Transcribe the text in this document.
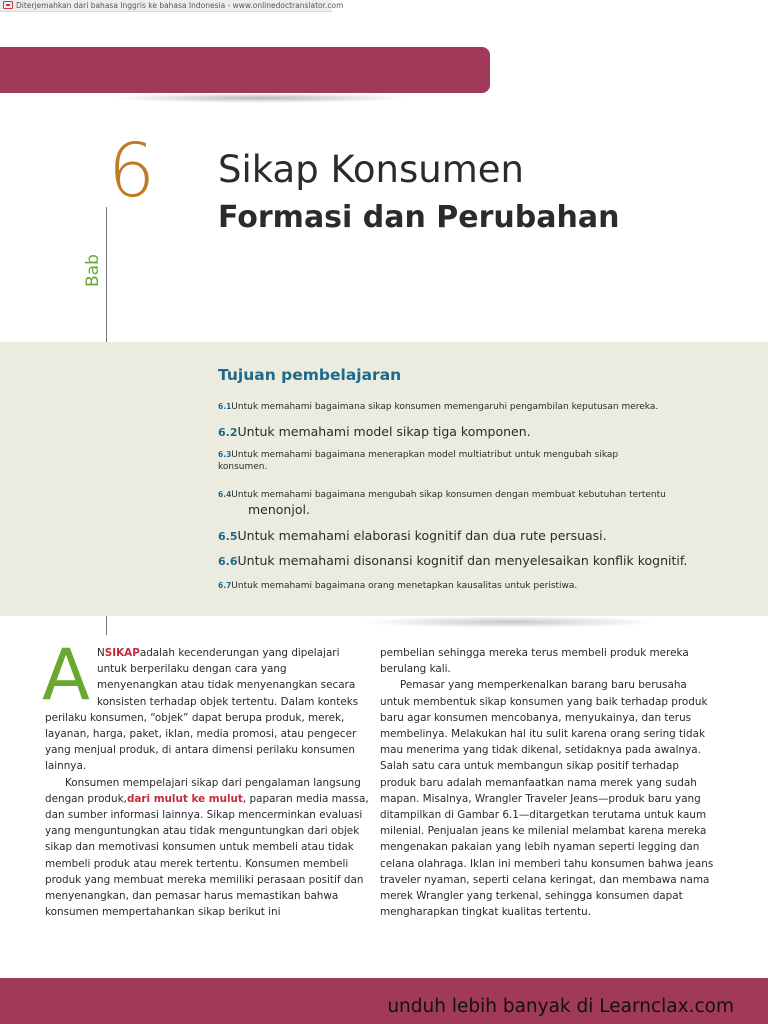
Diterjemahkan dari bahasa Inggris ke bahasa Indonesia - www.onlinedoctranslator.com
6
Bab
Sikap Konsumen
Formasi dan Perubahan
Tujuan pembelajaran
6.1Untuk memahami bagaimana sikap konsumen memengaruhi pengambilan keputusan mereka.
6.2Untuk memahami model sikap tiga komponen.
6.3Untuk memahami bagaimana menerapkan model multiatribut untuk mengubah sikap
konsumen.
6.4Untuk memahami bagaimana mengubah sikap konsumen dengan membuat kebutuhan tertentu
menonjol.
6.5Untuk memahami elaborasi kognitif dan dua rute persuasi.
6.6Untuk memahami disonansi kognitif dan menyelesaikan konflik kognitif.
6.7Untuk memahami bagaimana orang menetapkan kausalitas untuk peristiwa.
A NSIKAPadalah kecenderungan yang dipelajari
untuk berperilaku dengan cara yang
menyenangkan atau tidak menyenangkan secara
konsisten terhadap objek tertentu. Dalam konteks
perilaku konsumen, “objek” dapat berupa produk, merek,
layanan, harga, paket, iklan, media promosi, atau pengecer
yang menjual produk, di antara dimensi perilaku konsumen
lainnya.
Konsumen mempelajari sikap dari pengalaman langsung
dengan produk,dari mulut ke mulut, paparan media massa,
dan sumber informasi lainnya. Sikap mencerminkan evaluasi
yang menguntungkan atau tidak menguntungkan dari objek
sikap dan memotivasi konsumen untuk membeli atau tidak
membeli produk atau merek tertentu. Konsumen membeli
produk yang membuat mereka memiliki perasaan positif dan
menyenangkan, dan pemasar harus memastikan bahwa
konsumen mempertahankan sikap berikut ini
pembelian sehingga mereka terus membeli produk mereka
berulang kali.
Pemasar yang memperkenalkan barang baru berusaha
untuk membentuk sikap konsumen yang baik terhadap produk
baru agar konsumen mencobanya, menyukainya, dan terus
membelinya. Melakukan hal itu sulit karena orang sering tidak
mau menerima yang tidak dikenal, setidaknya pada awalnya.
Salah satu cara untuk membangun sikap positif terhadap
produk baru adalah memanfaatkan nama merek yang sudah
mapan. Misalnya, Wrangler Traveler Jeans—produk baru yang
ditampilkan di Gambar 6.1—ditargetkan terutama untuk kaum
milenial. Penjualan jeans ke milenial melambat karena mereka
mengenakan pakaian yang lebih nyaman seperti legging dan
celana olahraga. Iklan ini memberi tahu konsumen bahwa jeans
traveler nyaman, seperti celana keringat, dan membawa nama
merek Wrangler yang terkenal, sehingga konsumen dapat
mengharapkan tingkat kualitas tertentu.
unduh lebih banyak di Learnclax.com
